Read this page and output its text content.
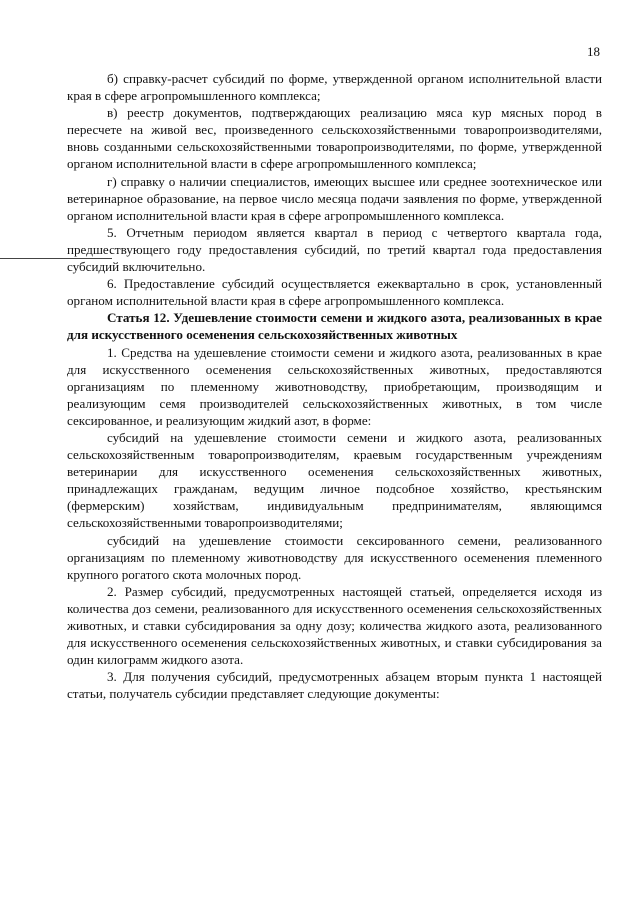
18

б) справку-расчет субсидий по форме, утвержденной органом исполнительной власти края в сфере агропромышленного комплекса;

в) реестр документов, подтверждающих реализацию мяса кур мясных пород в пересчете на живой вес, произведенного сельскохозяйственными товаропроизводителями, вновь созданными сельскохозяйственными товаропроизводителями, по форме, утвержденной органом исполнительной власти в сфере агропромышленного комплекса;

г) справку о наличии специалистов, имеющих высшее или среднее зоотехническое или ветеринарное образование, на первое число месяца подачи заявления по форме, утвержденной органом исполнительной власти края в сфере агропромышленного комплекса.

5. Отчетным периодом является квартал в период с четвертого квартала года, предшествующего году предоставления субсидий, по третий квартал года предоставления субсидий включительно.

6. Предоставление субсидий осуществляется ежеквартально в срок, установленный органом исполнительной власти края в сфере агропромышленного комплекса.

Статья 12. Удешевление стоимости семени и жидкого азота, реализованных в крае для искусственного осеменения сельскохозяйственных животных

1. Средства на удешевление стоимости семени и жидкого азота, реализованных в крае для искусственного осеменения сельскохозяйственных животных, предоставляются организациям по племенному животноводству, приобретающим, производящим и реализующим семя производителей сельскохозяйственных животных, в том числе сексированное, и реализующим жидкий азот, в форме:

субсидий на удешевление стоимости семени и жидкого азота, реализованных сельскохозяйственным товаропроизводителям, краевым государственным учреждениям ветеринарии для искусственного осеменения сельскохозяйственных животных, принадлежащих гражданам, ведущим личное подсобное хозяйство, крестьянским (фермерским) хозяйствам, индивидуальным предпринимателям, являющимся сельскохозяйственными товаропроизводителями;

субсидий на удешевление стоимости сексированного семени, реализованного организациям по племенному животноводству для искусственного осеменения племенного крупного рогатого скота молочных пород.

2. Размер субсидий, предусмотренных настоящей статьей, определяется исходя из количества доз семени, реализованного для искусственного осеменения сельскохозяйственных животных, и ставки субсидирования за одну дозу; количества жидкого азота, реализованного для искусственного осеменения сельскохозяйственных животных, и ставки субсидирования за один килограмм жидкого азота.

3. Для получения субсидий, предусмотренных абзацем вторым пункта 1 настоящей статьи, получатель субсидии представляет следующие документы:
